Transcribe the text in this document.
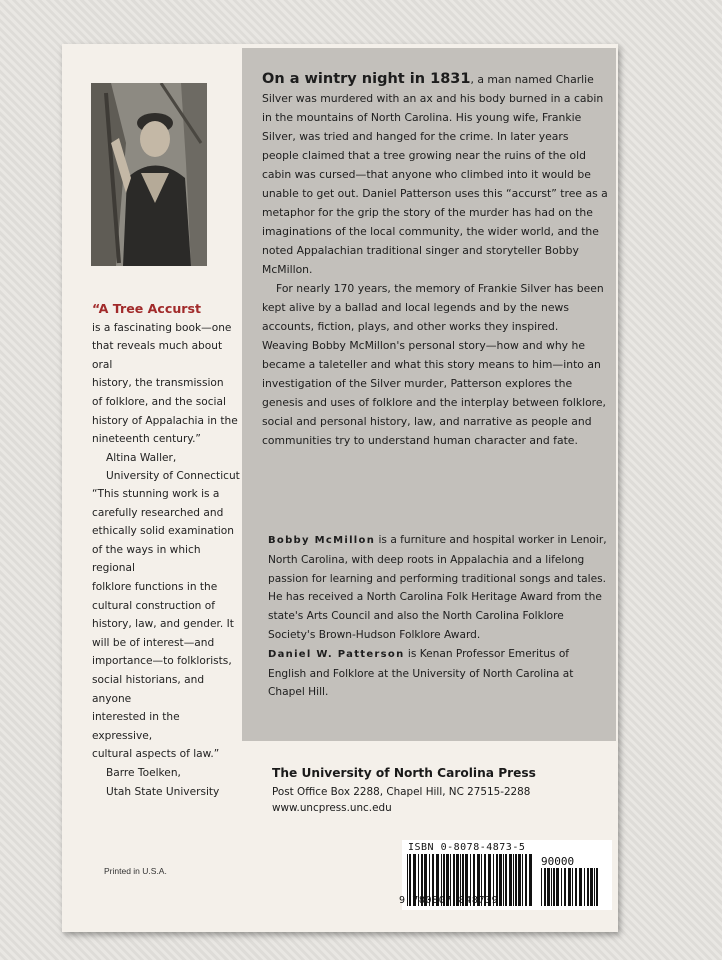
“A Tree Accurst
is a fascinating book—one
that reveals much about oral
history, the transmission
of folklore, and the social
history of Appalachia in the
nineteenth century.”
Altina Waller,
University of Connecticut
“This stunning work is a
carefully researched and
ethically solid examination
of the ways in which regional
folklore functions in the
cultural construction of
history, law, and gender. It
will be of interest—and
importance—to folklorists,
social historians, and anyone
interested in the expressive,
cultural aspects of law.”
Barre Toelken,
Utah State University

On a wintry night in 1831, a man named Charlie Silver was murdered with an ax and his body burned in a cabin in the mountains of North Carolina. His young wife, Frankie Silver, was tried and hanged for the crime. In later years people claimed that a tree growing near the ruins of the old cabin was cursed—that anyone who climbed into it would be unable to get out. Daniel Patterson uses this “accurst” tree as a metaphor for the grip the story of the murder has had on the imaginations of the local community, the wider world, and the noted Appalachian traditional singer and storyteller Bobby McMillon.

For nearly 170 years, the memory of Frankie Silver has been kept alive by a ballad and local legends and by the news accounts, fiction, plays, and other works they inspired. Weaving Bobby McMillon's personal story—how and why he became a taleteller and what this story means to him—into an investigation of the Silver murder, Patterson explores the genesis and uses of folklore and the interplay between folklore, social and personal history, law, and narrative as people and communities try to understand human character and fate.

Bobby McMillon is a furniture and hospital worker in Lenoir, North Carolina, with deep roots in Appalachia and a lifelong passion for learning and performing traditional songs and tales. He has received a North Carolina Folk Heritage Award from the state's Arts Council and also the North Carolina Folklore Society's Brown-Hudson Folklore Award.

Daniel W. Patterson is Kenan Professor Emeritus of English and Folklore at the University of North Carolina at Chapel Hill.

The University of North Carolina Press
Post Office Box 2288, Chapel Hill, NC 27515-2288
www.uncpress.unc.edu
Printed in U.S.A.
ISBN 0-8078-4873-5
90000
9 780807 848739
